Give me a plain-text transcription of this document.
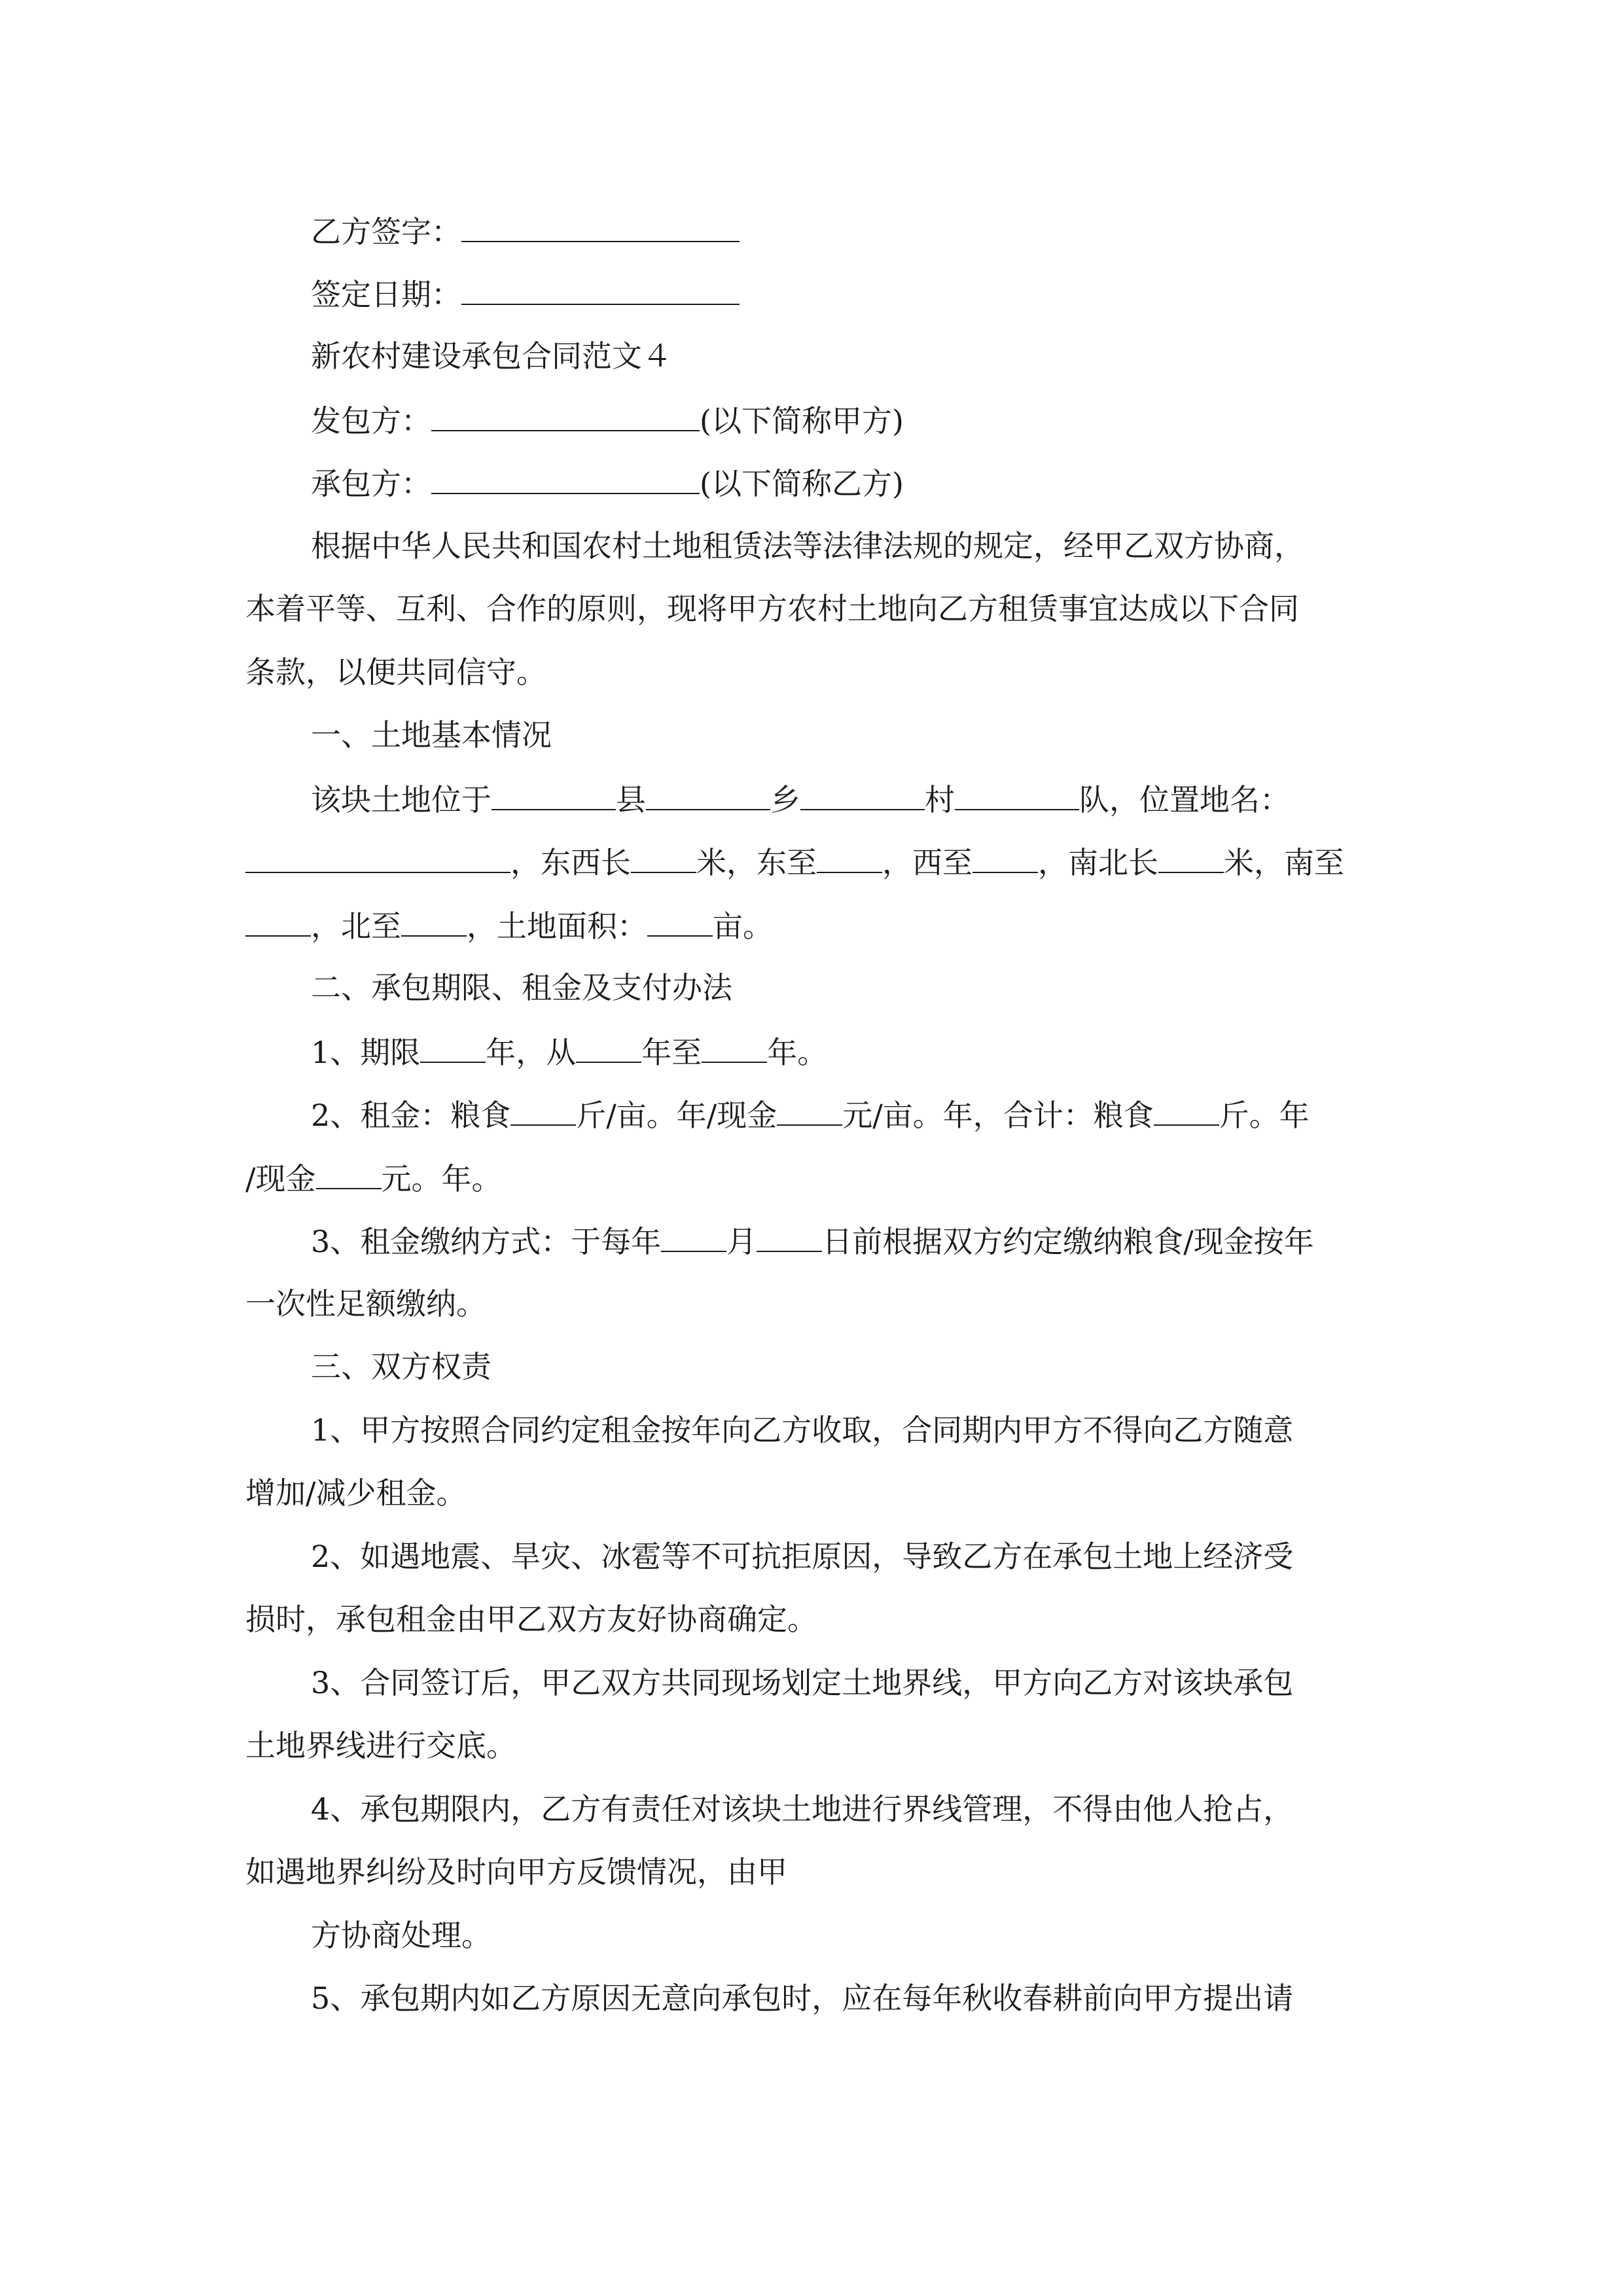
乙方签字：
签定日期：
新农村建设承包合同范文４
发包方：	(以下简称甲方)
承包方：	(以下简称乙方)
根据中华人民共和国农村土地租赁法等法律法规的规定，经甲乙双方协商，
本着平等、互利、合作的原则，现将甲方农村土地向乙方租赁事宜达成以下合同
条款，以便共同信守。
一、土地基本情况
该块土地位于	县	乡	村	队，位置地名：
，东西长 米，东至 ，西至 ，南北长 米，南至
，北至 ，土地面积： 亩。
二、承包期限、租金及支付办法
1、期限 年，从 年至 年。
2、租金：粮食 斤/亩。年/现金 元/亩。年，合计：粮食 斤。年
/现金 元。年。
3、租金缴纳方式：于每年 月 日前根据双方约定缴纳粮食/现金按年
一次性足额缴纳。
三、双方权责
1、甲方按照合同约定租金按年向乙方收取，合同期内甲方不得向乙方随意
增加/减少租金。
2、如遇地震、旱灾、冰雹等不可抗拒原因，导致乙方在承包土地上经济受
损时，承包租金由甲乙双方友好协商确定。
3、合同签订后，甲乙双方共同现场划定土地界线，甲方向乙方对该块承包
土地界线进行交底。
4、承包期限内，乙方有责任对该块土地进行界线管理，不得由他人抢占，
如遇地界纠纷及时向甲方反馈情况，由甲
方协商处理。
5、承包期内如乙方原因无意向承包时，应在每年秋收春耕前向甲方提出请
